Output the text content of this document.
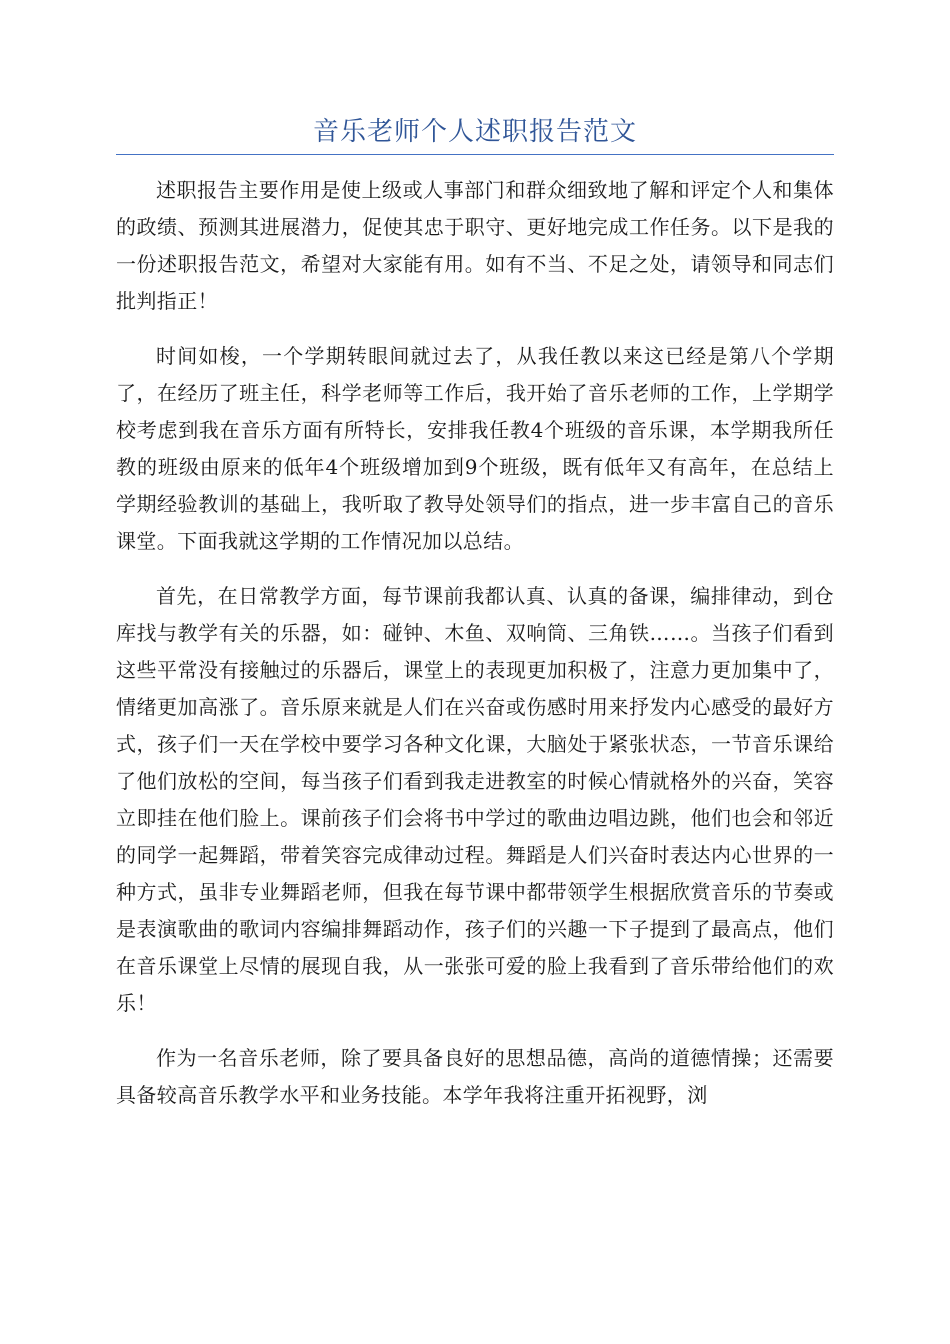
音乐老师个人述职报告范文

述职报告主要作用是使上级或人事部门和群众细致地了解和评定个人和集体的政绩、预测其进展潜力，促使其忠于职守、更好地完成工作任务。以下是我的一份述职报告范文，希望对大家能有用。如有不当、不足之处，请领导和同志们批判指正！

时间如梭，一个学期转眼间就过去了，从我任教以来这已经是第八个学期了，在经历了班主任，科学老师等工作后，我开始了音乐老师的工作，上学期学校考虑到我在音乐方面有所特长，安排我任教4个班级的音乐课，本学期我所任教的班级由原来的低年4个班级增加到9个班级，既有低年又有高年，在总结上学期经验教训的基础上，我听取了教导处领导们的指点，进一步丰富自己的音乐课堂。下面我就这学期的工作情况加以总结。

首先，在日常教学方面，每节课前我都认真、认真的备课，编排律动，到仓库找与教学有关的乐器，如：碰钟、木鱼、双响筒、三角铁……。当孩子们看到这些平常没有接触过的乐器后，课堂上的表现更加积极了，注意力更加集中了，情绪更加高涨了。音乐原来就是人们在兴奋或伤感时用来抒发内心感受的最好方式，孩子们一天在学校中要学习各种文化课，大脑处于紧张状态，一节音乐课给了他们放松的空间，每当孩子们看到我走进教室的时候心情就格外的兴奋，笑容立即挂在他们脸上。课前孩子们会将书中学过的歌曲边唱边跳，他们也会和邻近的同学一起舞蹈，带着笑容完成律动过程。舞蹈是人们兴奋时表达内心世界的一种方式，虽非专业舞蹈老师，但我在每节课中都带领学生根据欣赏音乐的节奏或是表演歌曲的歌词内容编排舞蹈动作，孩子们的兴趣一下子提到了最高点，他们在音乐课堂上尽情的展现自我，从一张张可爱的脸上我看到了音乐带给他们的欢乐！

作为一名音乐老师，除了要具备良好的思想品德，高尚的道德情操；还需要具备较高音乐教学水平和业务技能。本学年我将注重开拓视野，浏
